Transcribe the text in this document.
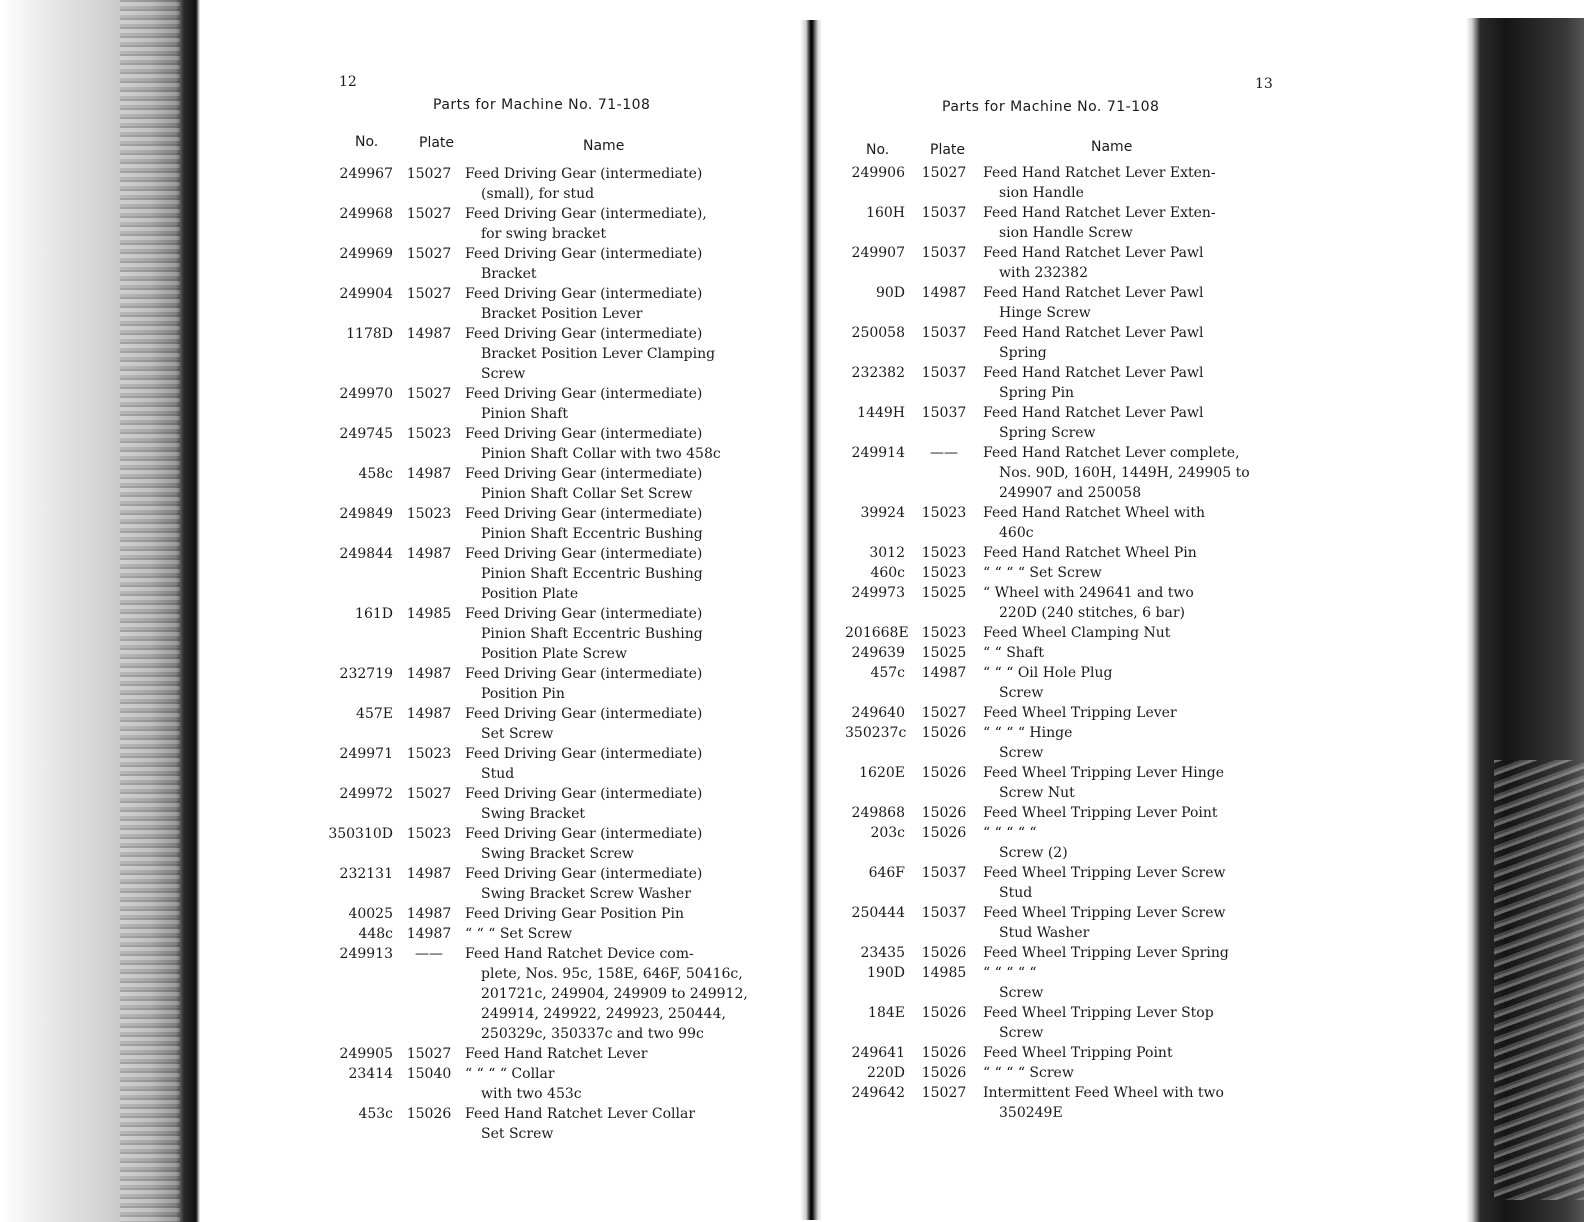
12
Parts for Machine No. 71-108
No.	Plate	Name
249967 15027 Feed Driving Gear (intermediate)
(small), for stud
249968 15027 Feed Driving Gear (intermediate),
for swing bracket
249969 15027 Feed Driving Gear (intermediate)
Bracket
249904 15027 Feed Driving Gear (intermediate)
Bracket Position Lever
1178D 14987 Feed Driving Gear (intermediate)
Bracket Position Lever Clamping
Screw
249970 15027 Feed Driving Gear (intermediate)
Pinion Shaft
249745 15023 Feed Driving Gear (intermediate)
Pinion Shaft Collar with two 458c
458c 14987 Feed Driving Gear (intermediate)
Pinion Shaft Collar Set Screw
249849 15023 Feed Driving Gear (intermediate)
Pinion Shaft Eccentric Bushing
249844 14987 Feed Driving Gear (intermediate)
Pinion Shaft Eccentric Bushing
Position Plate
161D 14985 Feed Driving Gear (intermediate)
Pinion Shaft Eccentric Bushing
Position Plate Screw
232719 14987 Feed Driving Gear (intermediate)
Position Pin
457E 14987 Feed Driving Gear (intermediate)
Set Screw
249971 15023 Feed Driving Gear (intermediate)
Stud
249972 15027 Feed Driving Gear (intermediate)
Swing Bracket
350310D 15023 Feed Driving Gear (intermediate)
Swing Bracket Screw
232131 14987 Feed Driving Gear (intermediate)
Swing Bracket Screw Washer
40025 14987 Feed Driving Gear Position Pin
448c 14987 “ “ “ Set Screw
249913	——	Feed Hand Ratchet Device com-
plete, Nos. 95c, 158E, 646F, 50416c,
201721c, 249904, 249909 to 249912,
249914, 249922, 249923, 250444,
250329c, 350337c and two 99c
249905 15027 Feed Hand Ratchet Lever
23414 15040 “ “ “ “ Collar
with two 453c
453c 15026 Feed Hand Ratchet Lever Collar
Set Screw
13
Parts for Machine No. 71-108
No.	Plate	Name
249906	15027	Feed Hand Ratchet Lever Exten-
sion Handle
160H	15037	Feed Hand Ratchet Lever Exten-
sion Handle Screw
249907	15037	Feed Hand Ratchet Lever Pawl
with 232382
90D	14987	Feed Hand Ratchet Lever Pawl
Hinge Screw
250058	15037	Feed Hand Ratchet Lever Pawl
Spring
232382	15037	Feed Hand Ratchet Lever Pawl
Spring Pin
1449H	15037	Feed Hand Ratchet Lever Pawl
Spring Screw
249914	——	Feed Hand Ratchet Lever complete,
Nos. 90D, 160H, 1449H, 249905 to
249907 and 250058
39924	15023	Feed Hand Ratchet Wheel with
460c
3012	15023	Feed Hand Ratchet Wheel Pin
460c	15023	“ “ “ “ Set Screw
249973	15025	“ Wheel with 249641 and two
220D (240 stitches, 6 bar)
201668E 15023	Feed Wheel Clamping Nut
249639	15025	“ “ Shaft
457c	14987	“ “ “ Oil Hole Plug
Screw
249640	15027	Feed Wheel Tripping Lever
350237c	15026	“ “ “ “ Hinge
Screw
1620E	15026	Feed Wheel Tripping Lever Hinge
Screw Nut
249868	15026	Feed Wheel Tripping Lever Point
203c	15026	“ “ “ “ “
Screw (2)
646F	15037	Feed Wheel Tripping Lever Screw
Stud
250444	15037	Feed Wheel Tripping Lever Screw
Stud Washer
23435	15026	Feed Wheel Tripping Lever Spring
190D	14985	“ “ “ “ “
Screw
184E	15026	Feed Wheel Tripping Lever Stop
Screw
249641	15026	Feed Wheel Tripping Point
220D	15026	“ “ “ “ Screw
249642	15027	Intermittent Feed Wheel with two
350249E
